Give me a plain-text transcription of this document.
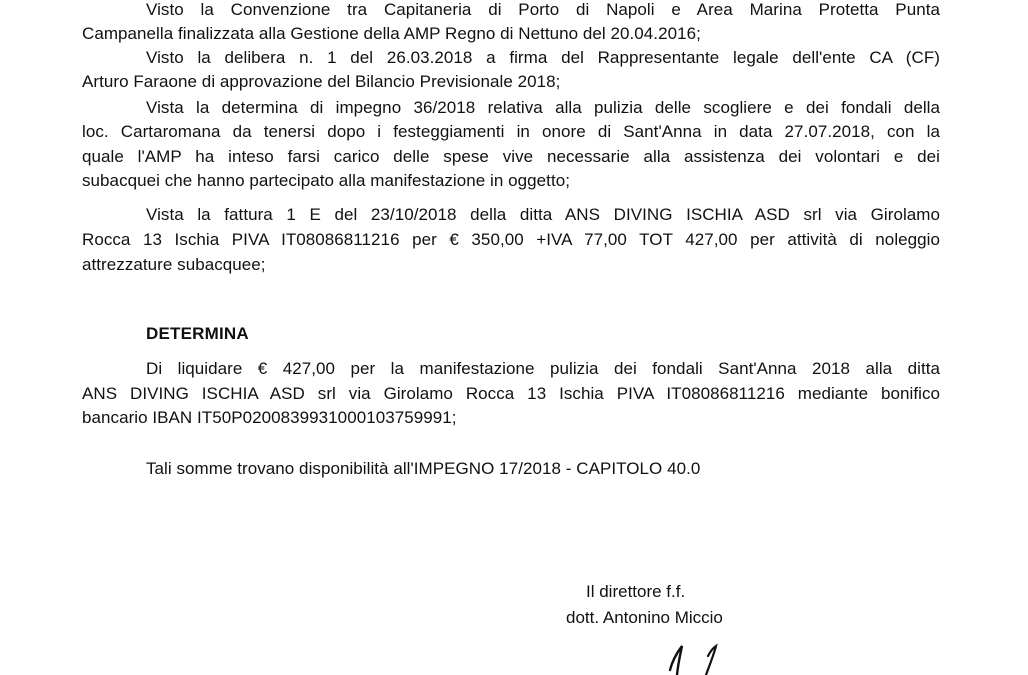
Visto la Convenzione tra Capitaneria di Porto di Napoli e Area Marina Protetta Punta
Campanella finalizzata alla Gestione della AMP Regno di Nettuno del 20.04.2016;
Visto la delibera n. 1 del 26.03.2018 a firma del Rappresentante legale dell'ente CA (CF)
Arturo Faraone di approvazione del Bilancio Previsionale 2018;
Vista la determina di impegno 36/2018 relativa alla pulizia delle scogliere e dei fondali della
loc. Cartaromana da tenersi dopo i festeggiamenti in onore di Sant'Anna in data 27.07.2018, con la
quale l'AMP ha inteso farsi carico delle spese vive necessarie alla assistenza dei volontari e dei
subacquei che hanno partecipato alla manifestazione in oggetto;
Vista la fattura 1 E del 23/10/2018 della ditta ANS DIVING ISCHIA ASD srl via Girolamo
Rocca 13 Ischia PIVA IT08086811216 per € 350,00 +IVA 77,00 TOT 427,00 per attività di noleggio
attrezzature subacquee;
DETERMINA
Di liquidare € 427,00 per la manifestazione pulizia dei fondali Sant'Anna 2018 alla ditta
ANS DIVING ISCHIA ASD srl via Girolamo Rocca 13 Ischia PIVA IT08086811216 mediante bonifico
bancario IBAN IT50P0200839931000103759991;
Tali somme trovano disponibilità all'IMPEGNO 17/2018 - CAPITOLO 40.0
Il direttore f.f.
dott. Antonino Miccio
